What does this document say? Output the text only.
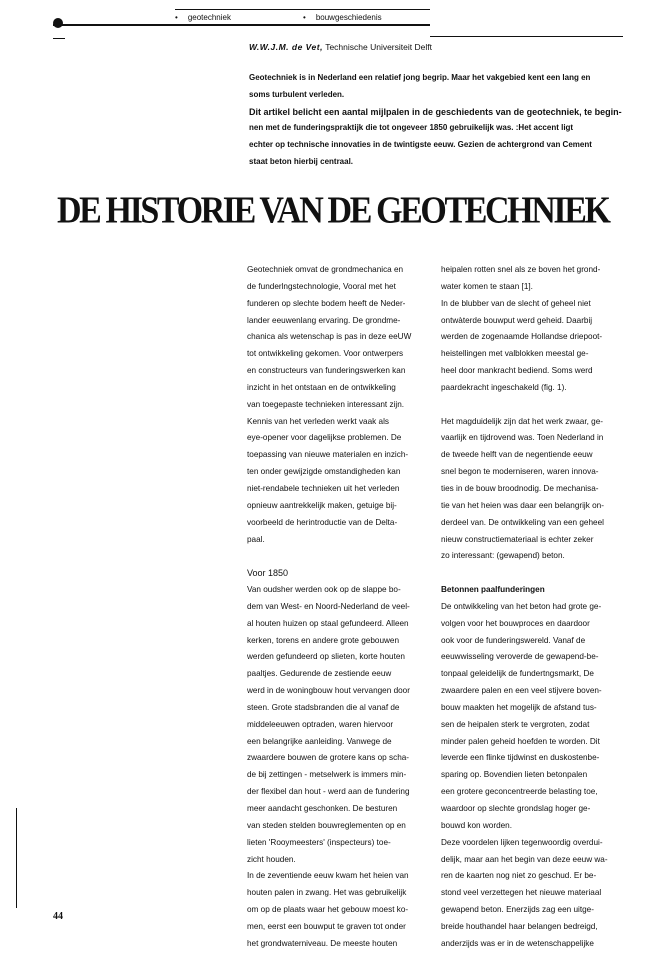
• geotechniek	• bouwgeschiedenis
W.W.J.M. de Vet, Technische Universiteit Delft
Geotechniek is in Nederland een relatief jong begrip. Maar het vakgebied kent een lang en
soms turbulent verleden.
Dit artikel belicht een aantal mijlpalen in de geschiedents van de geotechniek, te begin-
nen met de funderingspraktijk die tot ongeveer 1850 gebruikelijk was. :Het accent ligt
echter op technische innovaties in de twintigste eeuw. Gezien de achtergrond van Cement
staat beton hierbij centraal.
DE HISTORIE VAN DE GEOTECHNIEK
Geotechniek omvat de grondmechanica en
de funderlngstechnologie, Vooral met het
funderen op slechte bodem heeft de Neder-
lander eeuwenlang ervaring. De grondme-
chanica als wetenschap is pas in deze eeUW
tot ontwikkeling gekomen. Voor ontwerpers
en constructeurs van funderingswerken kan
inzicht in het ontstaan en de ontwikkeling
van toegepaste technieken interessant zijn.
Kennis van het verleden werkt vaak als
eye-opener voor dagelijkse problemen. De
toepassing van nieuwe materialen en inzich-
ten onder gewijzigde omstandigheden kan
niet-rendabele technieken uit het verleden
opnieuw aantrekkelijk maken, getuige bij-
voorbeeld de herintroductie van de Delta-
paal.
Voor 1850
Van oudsher werden ook op de slappe bo-
dem van West- en Noord-Nederland de veel-
al houten huizen op staal gefundeerd. Alleen
kerken, torens en andere grote gebouwen
werden gefundeerd op slieten, korte houten
paaltjes. Gedurende de zestiende eeuw
werd in de woningbouw hout vervangen door
steen. Grote stadsbranden die al vanaf de
middeleeuwen optraden, waren hiervoor
een belangrijke aanleiding. Vanwege de
zwaardere bouwen de grotere kans op scha-
de bij zettingen - metselwerk is immers min-
der flexibel dan hout - werd aan de fundering
meer aandacht geschonken. De besturen
van steden stelden bouwreglementen op en
lieten 'Rooymeesters' (inspecteurs) toe-
zicht houden.
In de zeventiende eeuw kwam het heien van
houten palen in zwang. Het was gebruikelijk
om op de plaats waar het gebouw moest ko-
men, eerst een bouwput te graven tot onder
het grondwaterniveau. De meeste houten
heipalen rotten snel als ze boven het grond-
water komen te staan [1].
In de blubber van de slecht of geheel niet
ontwàterde bouwput werd geheid. Daarbij
werden de zogenaamde Hollandse driepoot-
heistellingen met valblokken meestal ge-
heel door mankracht bediend. Soms werd
paardekracht ingeschakeld (fig. 1).
Het magduidelijk zijn dat het werk zwaar, ge-
vaarlijk en tijdrovend was. Toen Nederland in
de tweede helft van de negentiende eeuw
snel begon te moderniseren, waren innova-
ties in de bouw broodnodig. De mechanisa-
tie van het heien was daar een belangrijk on-
derdeel van. De ontwikkeling van een geheel
nieuw constructiemateriaal is echter zeker
zo interessant: (gewapend) beton.
Betonnen paalfunderingen
De ontwikkeling van het beton had grote ge-
volgen voor het bouwproces en daardoor
ook voor de funderingswereld. Vanaf de
eeuwwisseling veroverde de gewapend-be-
tonpaal geleidelijk de fundertngsmarkt, De
zwaardere palen en een veel stijvere boven-
bouw maakten het mogelijk de afstand tus-
sen de heipalen sterk te vergroten, zodat
minder palen geheid hoefden te worden. Dit
leverde een flinke tijdwinst en duskostenbe-
sparing op. Bovendien lieten betonpalen
een grotere geconcentreerde belasting toe,
waardoor op slechte grondslag hoger ge-
bouwd kon worden.
Deze voordelen lijken tegenwoordig overdui-
delijk, maar aan het begin van deze eeuw wa-
ren de kaarten nog niet zo geschud. Er be-
stond veel verzettegen het nieuwe materiaal
gewapend beton. Enerzijds zag een uitge-
breide houthandel haar belangen bedreigd,
anderzijds was er in de wetenschappelijke
44
